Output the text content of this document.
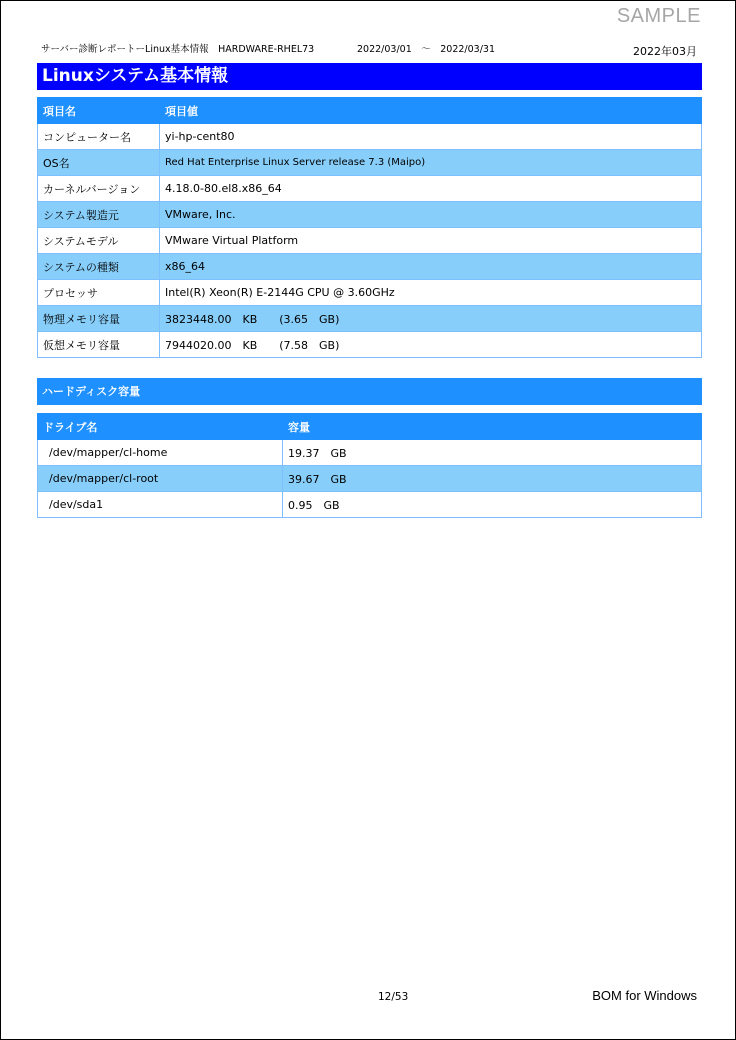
SAMPLE
サーバー診断レポートーLinux基本情報　HARDWARE-RHEL73	2022/03/01　～　2022/03/31	2022年03月
Linuxシステム基本情報
項目名	項目値
コンピューター名	yi-hp-cent80
OS名	Red Hat Enterprise Linux Server release 7.3 (Maipo)
カーネルバージョン	4.18.0-80.el8.x86_64
システム製造元	VMware, Inc.
システムモデル	VMware Virtual Platform
システムの種類	x86_64
プロセッサ	Intel(R) Xeon(R) E-2144G CPU @ 3.60GHz
物理メモリ容量	3823448.00　KB　　(3.65　GB)
仮想メモリ容量	7944020.00　KB　　(7.58　GB)
ハードディスク容量
ドライブ名	容量
/dev/mapper/cl-home	19.37　GB
/dev/mapper/cl-root	39.67　GB
/dev/sda1	0.95　GB
12/53	BOM for Windows
